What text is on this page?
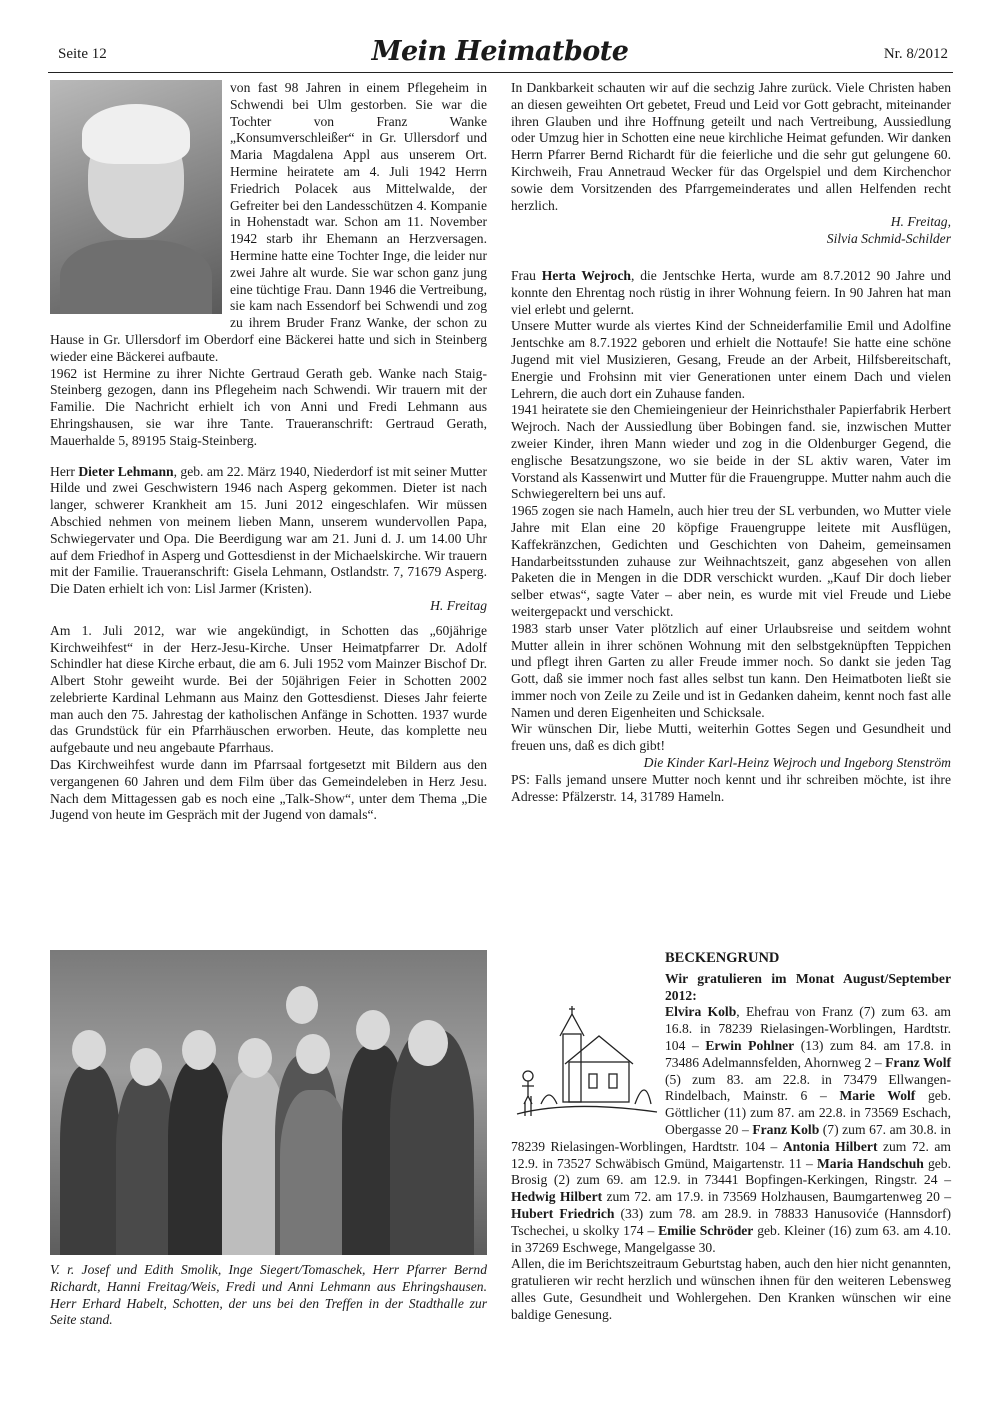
Seite 12	Mein Heimatbote	Nr. 8/2012

von fast 98 Jahren in einem Pflegeheim in Schwendi bei Ulm gestorben. Sie war die Tochter von Franz Wanke „Konsumverschleißer“ in Gr. Ullersdorf und Maria Magdalena Appl aus unserem Ort. Hermine heiratete am 4. Juli 1942 Herrn Friedrich Polacek aus Mittelwalde, der Gefreiter bei den Landesschützen 4. Kompanie in Hohenstadt war. Schon am 11. November 1942 starb ihr Ehemann an Herzversagen. Hermine hatte eine Tochter Inge, die leider nur zwei Jahre alt wurde. Sie war schon ganz jung eine tüchtige Frau. Dann 1946 die Vertreibung, sie kam nach Essendorf bei Schwendi und zog zu ihrem Bruder Franz Wanke, der schon zu Hause in Gr. Ullersdorf im Oberdorf eine Bäckerei hatte und sich in Steinberg wieder eine Bäckerei aufbaute.

1962 ist Hermine zu ihrer Nichte Gertraud Gerath geb. Wanke nach Staig-Steinberg gezogen, dann ins Pflegeheim nach Schwendi. Wir trauern mit der Familie. Die Nachricht erhielt ich von Anni und Fredi Lehmann aus Ehringshausen, sie war ihre Tante. Traueranschrift: Gertraud Gerath, Mauerhalde 5, 89195 Staig-Steinberg.

Herr Dieter Lehmann, geb. am 22. März 1940, Niederdorf ist mit seiner Mutter Hilde und zwei Geschwistern 1946 nach Asperg gekommen. Dieter ist nach langer, schwerer Krankheit am 15. Juni 2012 eingeschlafen. Wir müssen Abschied nehmen von meinem lieben Mann, unserem wundervollen Papa, Schwiegervater und Opa. Die Beerdigung war am 21. Juni d. J. um 14.00 Uhr auf dem Friedhof in Asperg und Gottesdienst in der Michaelskirche. Wir trauern mit der Familie. Traueranschrift: Gisela Lehmann, Ostlandstr. 7, 71679 Asperg. Die Daten erhielt ich von: Lisl Jarmer (Kristen).

H. Freitag

Am 1. Juli 2012, war wie angekündigt, in Schotten das „60jährige Kirchweihfest“ in der Herz-Jesu-Kirche. Unser Heimatpfarrer Dr. Adolf Schindler hat diese Kirche erbaut, die am 6. Juli 1952 vom Mainzer Bischof Dr. Albert Stohr geweiht wurde. Bei der 50jährigen Feier in Schotten 2002 zelebrierte Kardinal Lehmann aus Mainz den Gottesdienst. Dieses Jahr feierte man auch den 75. Jahrestag der katholischen Anfänge in Schotten. 1937 wurde das Grundstück für ein Pfarrhäuschen erworben. Heute, das komplette neu aufgebaute und neu angebaute Pfarrhaus.

Das Kirchweihfest wurde dann im Pfarrsaal fortgesetzt mit Bildern aus den vergangenen 60 Jahren und dem Film über das Gemeindeleben in Herz Jesu. Nach dem Mittagessen gab es noch eine „Talk-Show“, unter dem Thema „Die Jugend von heute im Gespräch mit der Jugend von damals“.

V. r. Josef und Edith Smolik, Inge Siegert/Tomaschek, Herr Pfarrer Bernd Richardt, Hanni Freitag/Weis, Fredi und Anni Lehmann aus Ehringshausen. Herr Erhard Habelt, Schotten, der uns bei den Treffen in der Stadthalle zur Seite stand.

In Dankbarkeit schauten wir auf die sechzig Jahre zurück. Viele Christen haben an diesen geweihten Ort gebetet, Freud und Leid vor Gott gebracht, miteinander ihren Glauben und ihre Hoffnung geteilt und nach Vertreibung, Aussiedlung oder Umzug hier in Schotten eine neue kirchliche Heimat gefunden. Wir danken Herrn Pfarrer Bernd Richardt für die feierliche und die sehr gut gelungene 60. Kirchweih, Frau Annetraud Wecker für das Orgelspiel und dem Kirchenchor sowie dem Vorsitzenden des Pfarrgemeinderates und allen Helfenden recht herzlich.

H. Freitag,

Silvia Schmid-Schilder

Frau Herta Wejroch, die Jentschke Herta, wurde am 8.7.2012 90 Jahre und konnte den Ehrentag noch rüstig in ihrer Wohnung feiern. In 90 Jahren hat man viel erlebt und gelernt.

Unsere Mutter wurde als viertes Kind der Schneiderfamilie Emil und Adolfine Jentschke am 8.7.1922 geboren und erhielt die Nottaufe! Sie hatte eine schöne Jugend mit viel Musizieren, Gesang, Freude an der Arbeit, Hilfsbereitschaft, Energie und Frohsinn mit vier Generationen unter einem Dach und vielen Lehrern, die auch dort ein Zuhause fanden.

1941 heiratete sie den Chemieingenieur der Heinrichsthaler Papierfabrik Herbert Wejroch. Nach der Aussiedlung über Bobingen fand. sie, inzwischen Mutter zweier Kinder, ihren Mann wieder und zog in die Oldenburger Gegend, die englische Besatzungszone, wo sie beide in der SL aktiv waren, Vater im Vorstand als Kassenwirt und Mutter für die Frauengruppe. Mutter nahm auch die Schwiegereltern bei uns auf.

1965 zogen sie nach Hameln, auch hier treu der SL verbunden, wo Mutter viele Jahre mit Elan eine 20 köpfige Frauengruppe leitete mit Ausflügen, Kaffekränzchen, Gedichten und Geschichten von Daheim, gemeinsamen Handarbeitsstunden zuhause zur Weihnachtszeit, ganz abgesehen von allen Paketen die in Mengen in die DDR verschickt wurden. „Kauf Dir doch lieber selber etwas“, sagte Vater – aber nein, es wurde mit viel Freude und Liebe weitergepackt und verschickt.

1983 starb unser Vater plötzlich auf einer Urlaubsreise und seitdem wohnt Mutter allein in ihrer schönen Wohnung mit den selbstgeknüpften Teppichen und pflegt ihren Garten zu aller Freude immer noch. So dankt sie jeden Tag Gott, daß sie immer noch fast alles selbst tun kann. Den Heimatboten ließt sie immer noch von Zeile zu Zeile und ist in Gedanken daheim, kennt noch fast alle Namen und deren Eigenheiten und Schicksale.

Wir wünschen Dir, liebe Mutti, weiterhin Gottes Segen und Gesundheit und freuen uns, daß es dich gibt!

Die Kinder Karl-Heinz Wejroch und Ingeborg Stenström

PS: Falls jemand unsere Mutter noch kennt und ihr schreiben möchte, ist ihre Adresse: Pfälzerstr. 14, 31789 Hameln.

BECKENGRUND

Wir gratulieren im Monat August/September 2012:

Elvira Kolb, Ehefrau von Franz (7) zum 63. am 16.8. in 78239 Rielasingen-Worblingen, Hardtstr. 104 – Erwin Pohlner (13) zum 84. am 17.8. in 73486 Adelmannsfelden, Ahornweg 2 – Franz Wolf (5) zum 83. am 22.8. in 73479 Ellwangen-Rindelbach, Mainstr. 6 – Marie Wolf geb. Göttlicher (11) zum 87. am 22.8. in 73569 Eschach, Obergasse 20 – Franz Kolb (7) zum 67. am 30.8. in 78239 Rielasingen-Worblingen, Hardtstr. 104 – Antonia Hilbert zum 72. am 12.9. in 73527 Schwäbisch Gmünd, Maigartenstr. 11 – Maria Handschuh geb. Brosig (2) zum 69. am 12.9. in 73441 Bopfingen-Kerkingen, Ringstr. 24 – Hedwig Hilbert zum 72. am 17.9. in 73569 Holzhausen, Baumgartenweg 20 – Hubert Friedrich (33) zum 78. am 28.9. in 78833 Hanusoviće (Hannsdorf) Tschechei, u skolky 174 – Emilie Schröder geb. Kleiner (16) zum 63. am 4.10. in 37269 Eschwege, Mangelgasse 30.

Allen, die im Berichtszeitraum Geburtstag haben, auch den hier nicht genannten, gratulieren wir recht herzlich und wünschen ihnen für den weiteren Lebensweg alles Gute, Gesundheit und Wohlergehen. Den Kranken wünschen wir eine baldige Genesung.
